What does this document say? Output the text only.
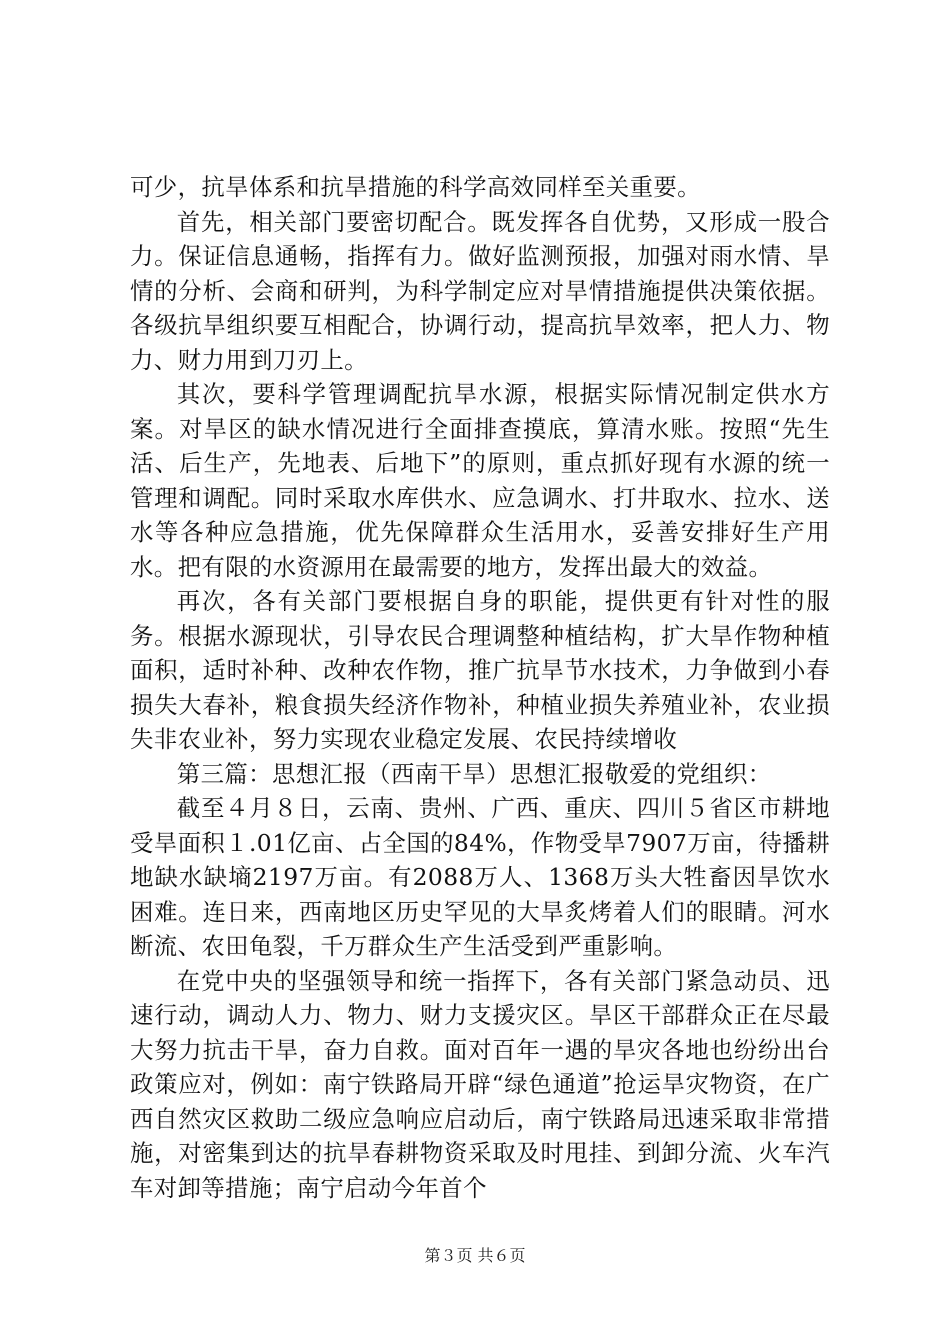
可少，抗旱体系和抗旱措施的科学高效同样至关重要。

首先，相关部门要密切配合。既发挥各自优势，又形成一股合力。保证信息通畅，指挥有力。做好监测预报，加强对雨水情、旱情的分析、会商和研判，为科学制定应对旱情措施提供决策依据。各级抗旱组织要互相配合，协调行动，提高抗旱效率，把人力、物力、财力用到刀刃上。

其次，要科学管理调配抗旱水源，根据实际情况制定供水方案。对旱区的缺水情况进行全面排查摸底，算清水账。按照“先生活、后生产，先地表、后地下”的原则，重点抓好现有水源的统一管理和调配。同时采取水库供水、应急调水、打井取水、拉水、送水等各种应急措施，优先保障群众生活用水，妥善安排好生产用水。把有限的水资源用在最需要的地方，发挥出最大的效益。

再次，各有关部门要根据自身的职能，提供更有针对性的服务。根据水源现状，引导农民合理调整种植结构，扩大旱作物种植面积，适时补种、改种农作物，推广抗旱节水技术，力争做到小春损失大春补，粮食损失经济作物补，种植业损失养殖业补，农业损失非农业补，努力实现农业稳定发展、农民持续增收

第三篇：思想汇报（西南干旱）思想汇报敬爱的党组织：

截至４月８日，云南、贵州、广西、重庆、四川５省区市耕地受旱面积１.01亿亩、占全国的84%，作物受旱7907万亩，待播耕地缺水缺墒2197万亩。有2088万人、1368万头大牲畜因旱饮水困难。连日来，西南地区历史罕见的大旱炙烤着人们的眼睛。河水断流、农田龟裂，千万群众生产生活受到严重影响。

在党中央的坚强领导和统一指挥下，各有关部门紧急动员、迅速行动，调动人力、物力、财力支援灾区。旱区干部群众正在尽最大努力抗击干旱，奋力自救。面对百年一遇的旱灾各地也纷纷出台政策应对，例如：南宁铁路局开辟“绿色通道”抢运旱灾物资，在广西自然灾区救助二级应急响应启动后，南宁铁路局迅速采取非常措施，对密集到达的抗旱春耕物资采取及时甩挂、到卸分流、火车汽车对卸等措施；南宁启动今年首个

第３页 共６页
